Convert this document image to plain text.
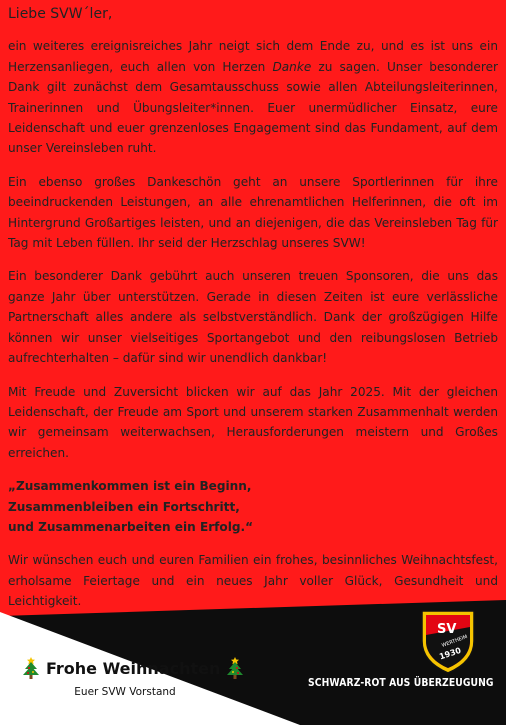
Liebe SVW´ler,

ein weiteres ereignisreiches Jahr neigt sich dem Ende zu, und es ist uns ein Herzensanliegen, euch allen von Herzen Danke zu sagen. Unser besonderer Dank gilt zunächst dem Gesamtausschuss sowie allen Abteilungsleiterinnen, Trainerinnen und Übungsleiter*innen. Euer unermüdlicher Einsatz, eure Leidenschaft und euer grenzenloses Engagement sind das Fundament, auf dem unser Vereinsleben ruht.

Ein ebenso großes Dankeschön geht an unsere Sportlerinnen für ihre beeindruckenden Leistungen, an alle ehrenamtlichen Helferinnen, die oft im Hintergrund Großartiges leisten, und an diejenigen, die das Vereinsleben Tag für Tag mit Leben füllen. Ihr seid der Herzschlag unseres SVW!

Ein besonderer Dank gebührt auch unseren treuen Sponsoren, die uns das ganze Jahr über unterstützen. Gerade in diesen Zeiten ist eure verlässliche Partnerschaft alles andere als selbstverständlich. Dank der großzügigen Hilfe können wir unser vielseitiges Sportangebot und den reibungslosen Betrieb aufrechterhalten – dafür sind wir unendlich dankbar!

Mit Freude und Zuversicht blicken wir auf das Jahr 2025. Mit der gleichen Leidenschaft, der Freude am Sport und unserem starken Zusammenhalt werden wir gemeinsam weiterwachsen, Herausforderungen meistern und Großes erreichen.

„Zusammenkommen ist ein Beginn,
Zusammenbleiben ein Fortschritt,
und Zusammenarbeiten ein Erfolg.“

Wir wünschen euch und euren Familien ein frohes, besinnliches Weihnachtsfest, erholsame Feiertage und ein neues Jahr voller Glück, Gesundheit und Leichtigkeit.

Frohe Weihnachten
Euer SVW Vorstand
SV
WERTHEIM
1930
SCHWARZ-ROT AUS ÜBERZEUGUNG
